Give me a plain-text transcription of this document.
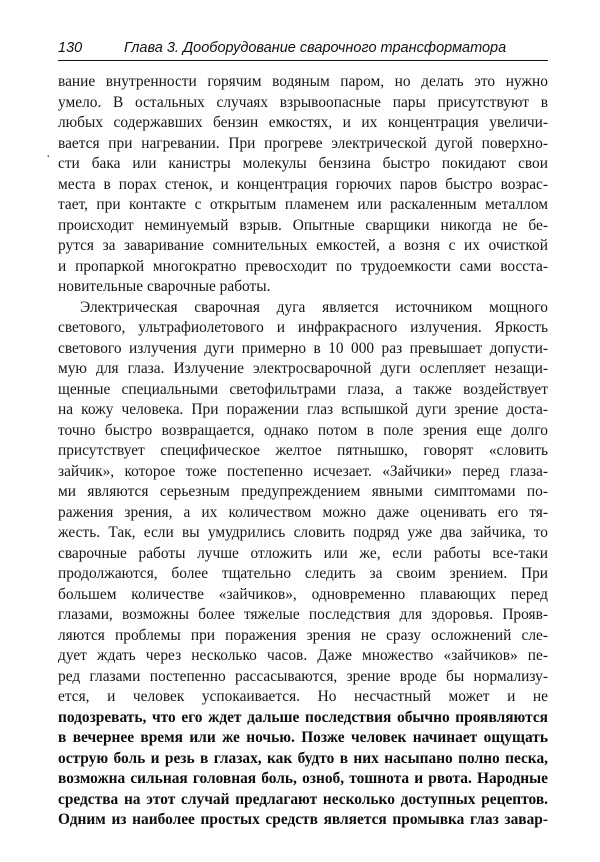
130	Глава 3. Дооборудование сварочного трансформатора
·
вание внутренности горячим водяным паром, но делать это нужно
умело. В остальных случаях взрывоопасные пары присутствуют в
любых содержавших бензин емкостях, и их концентрация увеличи-
вается при нагревании. При прогреве электрической дугой поверхно-
сти бака или канистры молекулы бензина быстро покидают свои
места в порах стенок, и концентрация горючих паров быстро возрас-
тает, при контакте с открытым пламенем или раскаленным металлом
происходит неминуемый взрыв. Опытные сварщики никогда не бе-
рутся за заваривание сомнительных емкостей, а возня с их очисткой
и пропаркой многократно превосходит по трудоемкости сами восста-
новительные сварочные работы.
Электрическая сварочная дуга является источником мощного
светового, ультрафиолетового и инфракрасного излучения. Яркость
светового излучения дуги примерно в 10 000 раз превышает допусти-
мую для глаза. Излучение электросварочной дуги ослепляет незащи-
щенные специальными светофильтрами глаза, а также воздействует
на кожу человека. При поражении глаз вспышкой дуги зрение доста-
точно быстро возвращается, однако потом в поле зрения еще долго
присутствует специфическое желтое пятнышко, говорят «словить
зайчик», которое тоже постепенно исчезает. «Зайчики» перед глаза-
ми являются серьезным предупреждением явными симптомами по-
ражения зрения, а их количеством можно даже оценивать его тя-
жесть. Так, если вы умудрились словить подряд уже два зайчика, то
сварочные работы лучше отложить или же, если работы все-таки
продолжаются, более тщательно следить за своим зрением. При
большем количестве «зайчиков», одновременно плавающих перед
глазами, возможны более тяжелые последствия для здоровья. Прояв-
ляются проблемы при поражения зрения не сразу осложнений сле-
дует ждать через несколько часов. Даже множество «зайчиков» пе-
ред глазами постепенно рассасываются, зрение вроде бы нормализу-
ется, и человек успокаивается. Но несчастный может и не
подозревать, что его ждет дальше последствия обычно проявляются
в вечернее время или же ночью. Позже человек начинает ощущать
острую боль и резь в глазах, как будто в них насыпано полно песка,
возможна сильная головная боль, озноб, тошнота и рвота. Народные
средства на этот случай предлагают несколько доступных рецептов.
Одним из наиболее простых средств является промывка глаз завар-
